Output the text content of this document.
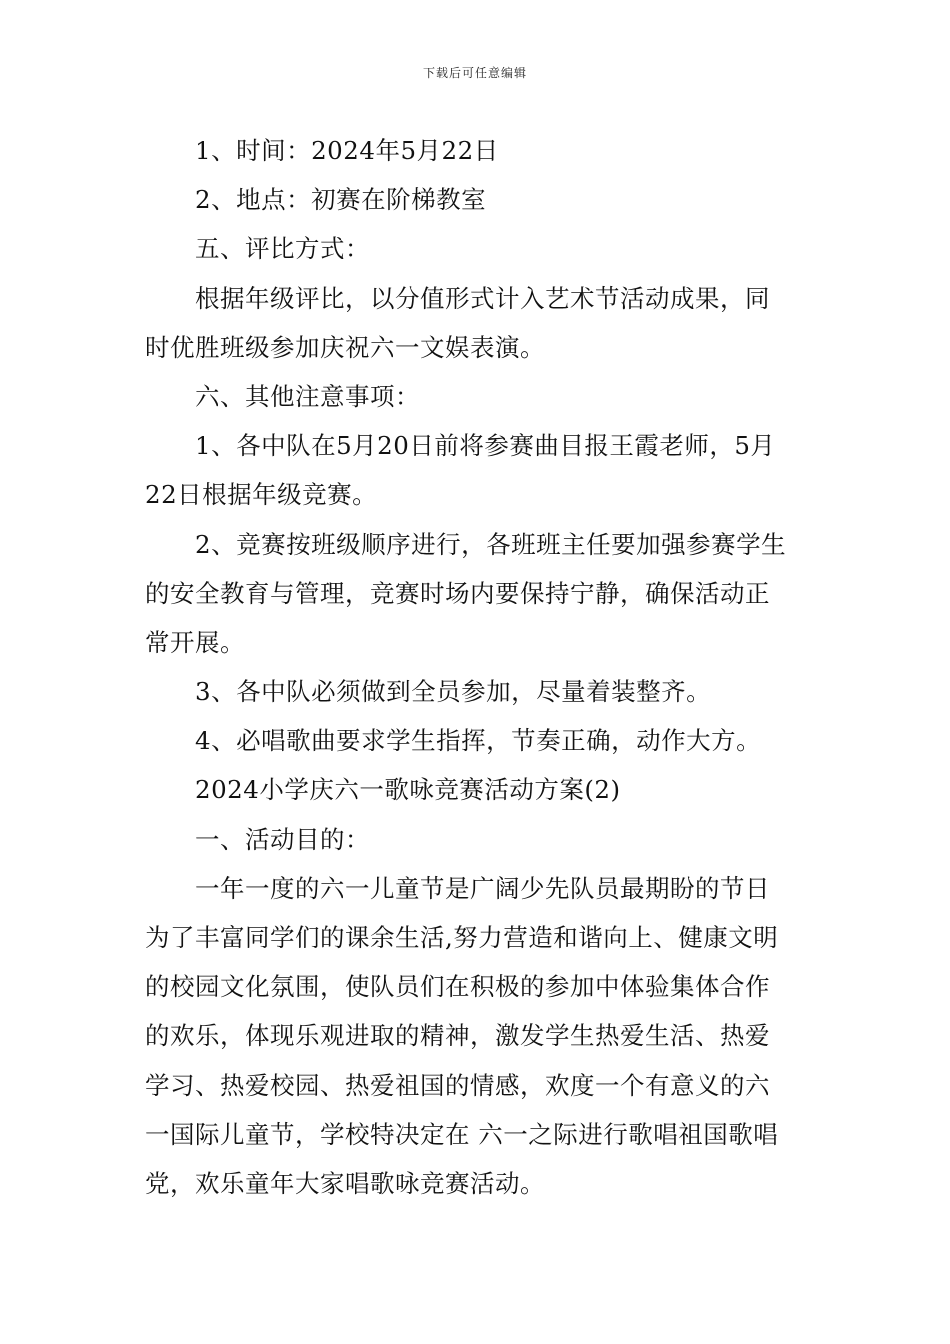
下载后可任意编辑
1、时间：2024年5月22日
2、地点：初赛在阶梯教室
五、评比方式：
根据年级评比，以分值形式计入艺术节活动成果，同
时优胜班级参加庆祝六一文娱表演。
六、其他注意事项：
1、各中队在5月20日前将参赛曲目报王霞老师，5月
22日根据年级竞赛。
2、竞赛按班级顺序进行，各班班主任要加强参赛学生
的安全教育与管理，竞赛时场内要保持宁静，确保活动正
常开展。
3、各中队必须做到全员参加，尽量着装整齐。
4、必唱歌曲要求学生指挥，节奏正确，动作大方。
2024小学庆六一歌咏竞赛活动方案(2)
一、活动目的：
一年一度的六一儿童节是广阔少先队员最期盼的节日
为了丰富同学们的课余生活,努力营造和谐向上、健康文明
的校园文化氛围，使队员们在积极的参加中体验集体合作
的欢乐，体现乐观进取的精神，激发学生热爱生活、热爱
学习、热爱校园、热爱祖国的情感，欢度一个有意义的六
一国际儿童节，学校特决定在 六一之际进行歌唱祖国歌唱
党，欢乐童年大家唱歌咏竞赛活动。
